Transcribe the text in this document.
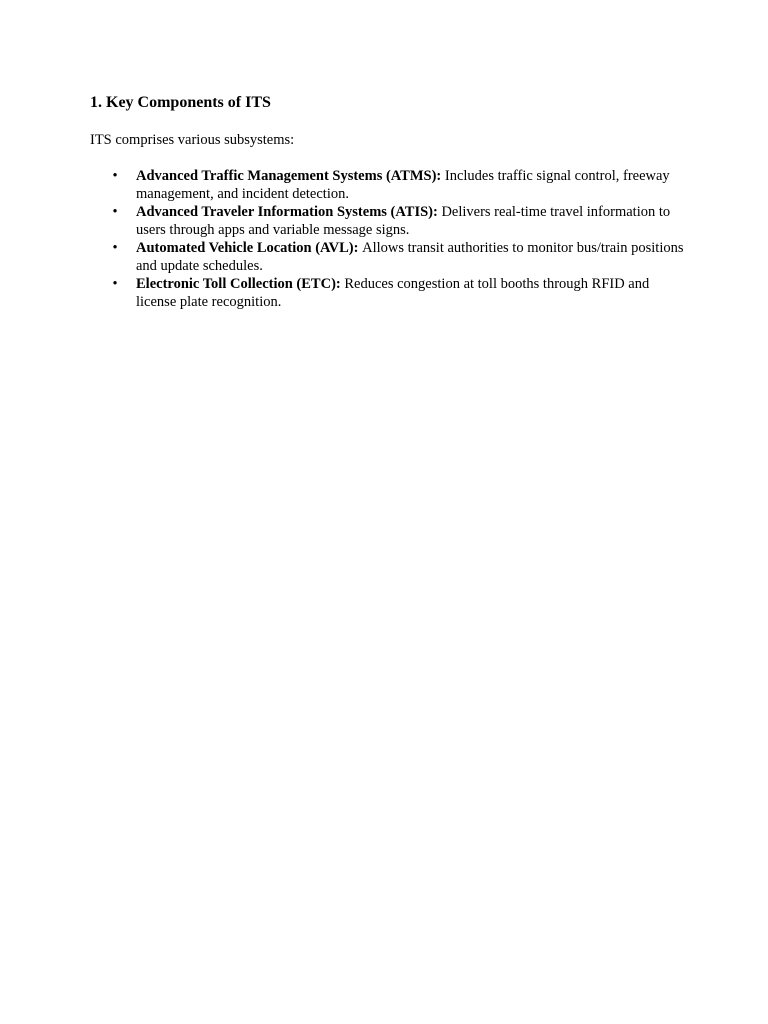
1. Key Components of ITS
ITS comprises various subsystems:
• Advanced Traffic Management Systems (ATMS): Includes traffic signal control, freeway management, and incident detection.
• Advanced Traveler Information Systems (ATIS): Delivers real-time travel information to users through apps and variable message signs.
• Automated Vehicle Location (AVL): Allows transit authorities to monitor bus/train positions and update schedules.
• Electronic Toll Collection (ETC): Reduces congestion at toll booths through RFID and license plate recognition.
